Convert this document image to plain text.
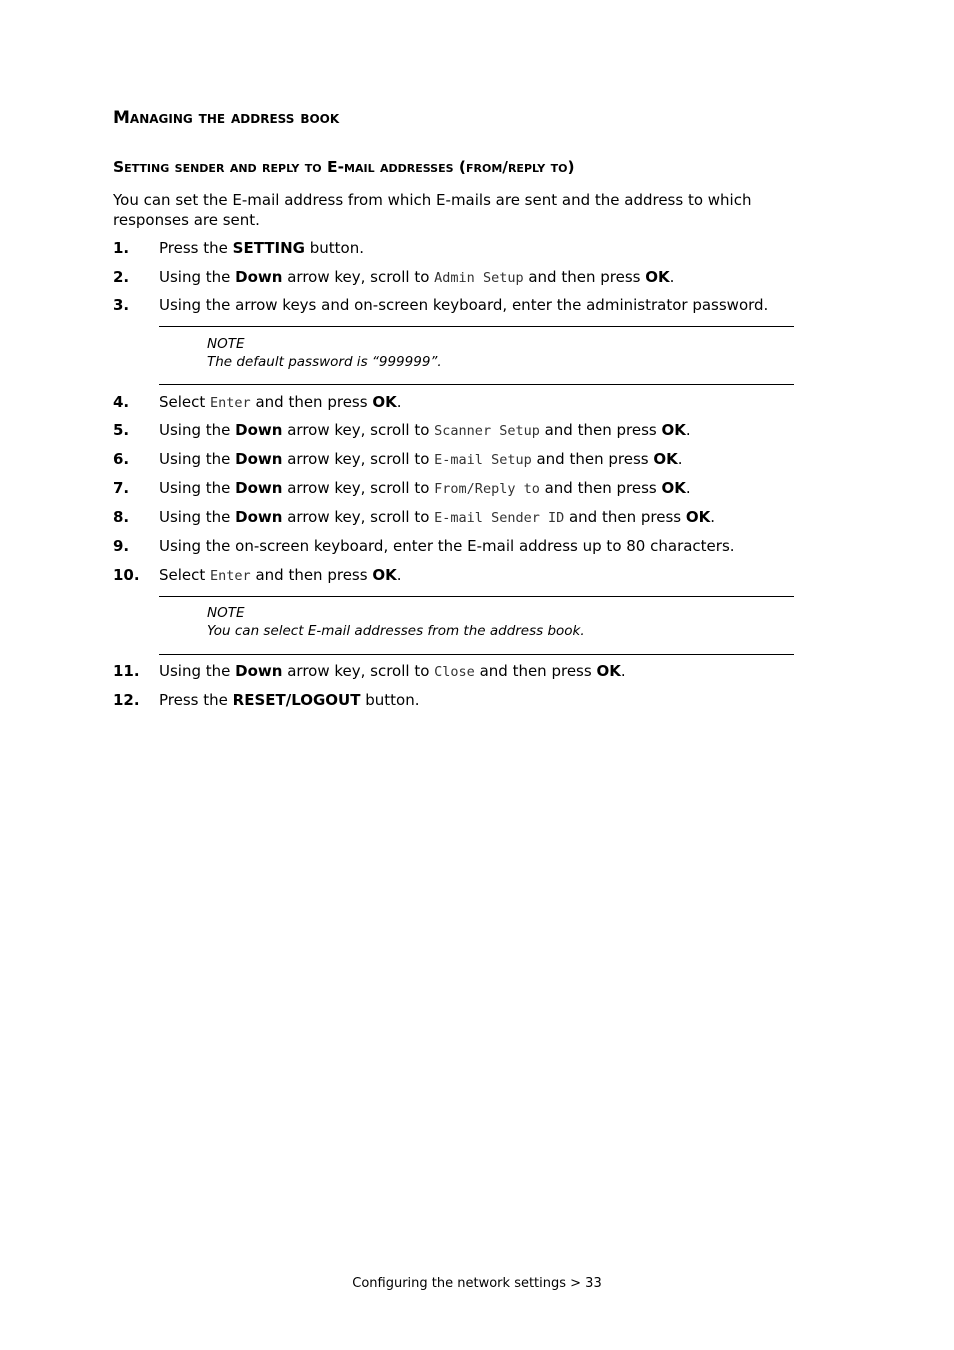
Managing the address book
Setting sender and reply to E-mail addresses (from/reply to)
You can set the E-mail address from which E-mails are sent and the address to which responses are sent.
1. Press the SETTING button.
2. Using the Down arrow key, scroll to Admin Setup and then press OK.
3. Using the arrow keys and on-screen keyboard, enter the administrator password.
NOTE
The default password is “999999”.
4. Select Enter and then press OK.
5. Using the Down arrow key, scroll to Scanner Setup and then press OK.
6. Using the Down arrow key, scroll to E-mail Setup and then press OK.
7. Using the Down arrow key, scroll to From/Reply to and then press OK.
8. Using the Down arrow key, scroll to E-mail Sender ID and then press OK.
9. Using the on-screen keyboard, enter the E-mail address up to 80 characters.
10. Select Enter and then press OK.
NOTE
You can select E-mail addresses from the address book.
11. Using the Down arrow key, scroll to Close and then press OK.
12. Press the RESET/LOGOUT button.
Configuring the network settings > 33
